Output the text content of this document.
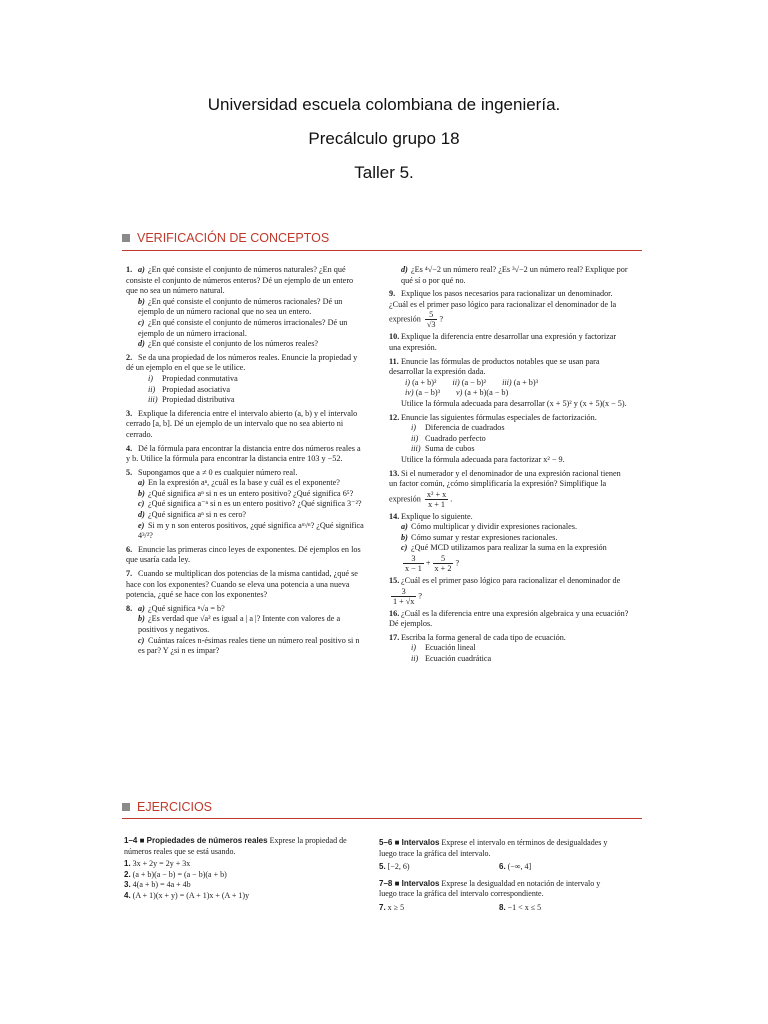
Universidad escuela colombiana de ingeniería.
Precálculo grupo 18
Taller 5.
VERIFICACIÓN DE CONCEPTOS
1. a) ¿En qué consiste el conjunto de números naturales? ¿En qué consiste el conjunto de números enteros? Dé un ejemplo de un entero que no sea un número natural.
b) ¿En qué consiste el conjunto de números racionales? Dé un ejemplo de un número racional que no sea un entero.
c) ¿En qué consiste el conjunto de números irracionales? Dé un ejemplo de un número irracional.
d) ¿En qué consiste el conjunto de los números reales?
2. Se da una propiedad de los números reales. Enuncie la propiedad y dé un ejemplo en el que se le utilice.
i) Propiedad conmutativa
ii) Propiedad asociativa
iii) Propiedad distributiva
3. Explique la diferencia entre el intervalo abierto (a, b) y el intervalo cerrado [a, b]. Dé un ejemplo de un intervalo que no sea abierto ni cerrado.
4. Dé la fórmula para encontrar la distancia entre dos números reales a y b. Utilice la fórmula para encontrar la distancia entre 103 y −52.
5. Supongamos que a ≠ 0 es cualquier número real.
a) En la expresión aⁿ, ¿cuál es la base y cuál es el exponente?
b) ¿Qué significa aⁿ si n es un entero positivo? ¿Qué significa 6⁵?
c) ¿Qué significa a⁻ⁿ si n es un entero positivo? ¿Qué significa 3⁻²?
d) ¿Qué significa aⁿ si n es cero?
e) Si m y n son enteros positivos, ¿qué significa aᵐ/ⁿ? ¿Qué significa 4³/²?
6. Enuncie las primeras cinco leyes de exponentes. Dé ejemplos en los que usaría cada ley.
7. Cuando se multiplican dos potencias de la misma cantidad, ¿qué se hace con los exponentes? Cuando se eleva una potencia a una nueva potencia, ¿qué se hace con los exponentes?
8. a) ¿Qué significa ⁿ√a = b?
b) ¿Es verdad que √a² es igual a | a |? Intente con valores de a positivos y negativos.
c) Cuántas raíces n-ésimas reales tiene un número real positivo si n es par? Y ¿si n es impar?
d) ¿Es ⁴√−2 un número real? ¿Es ³√−2 un número real? Explique por qué sí o por qué no.
9. Explique los pasos necesarios para racionalizar un denominador. ¿Cuál es el primer paso lógico para racionalizar el denominador de la expresión $\frac{5}{√3}$ ?
10. Explique la diferencia entre desarrollar una expresión y factorizar una expresión.
11. Enuncie las fórmulas de productos notables que se usan para desarrollar la expresión dada.
i) (a + b)² ii) (a − b)² iii) (a + b)³
iv) (a − b)³ v) (a + b)(a − b)
Utilice la fórmula adecuada para desarrollar (x + 5)² y (x + 5)(x − 5).
12. Enuncie las siguientes fórmulas especiales de factorización.
i) Diferencia de cuadrados
ii) Cuadrado perfecto
iii) Suma de cubos
Utilice la fórmula adecuada para factorizar x² − 9.
13. Si el numerador y el denominador de una expresión racional tienen un factor común, ¿cómo simplificaría la expresión? Simplifique la expresión $\frac{\text{x² + x}}{x + 1}$ .
14. Explique lo siguiente.
a) Cómo multiplicar y dividir expresiones racionales.
b) Cómo sumar y restar expresiones racionales.
c) ¿Qué MCD utilizamos para realizar la suma en la expresión
$\frac{3}{x - 1} + \frac{5}{x + 2}$ ?
15. ¿Cuál es el primer paso lógico para racionalizar el denominador de
$\frac{3}{1 + √x}$ ?
16. ¿Cuál es la diferencia entre una expresión algebraica y una ecuación? Dé ejemplos.
17. Escriba la forma general de cada tipo de ecuación.
i) Ecuación lineal
ii) Ecuación cuadrática
EJERCICIOS
1–4 ■ Propiedades de números reales Exprese la propiedad de números reales que se está usando.
1. 3x + 2y = 2y + 3x
2. (a + b)(a − b) = (a − b)(a + b)
3. 4(a + b) = 4a + 4b
4. (A + 1)(x + y) = (A + 1)x + (A + 1)y
5–6 ■ Intervalos Exprese el intervalo en términos de desigualdades y luego trace la gráfica del intervalo.
5. [−2, 6)	6. (−∞, 4]
7–8 ■ Intervalos Exprese la desigualdad en notación de intervalo y luego trace la gráfica del intervalo correspondiente.
7. x ≥ 5	8. −1 < x ≤ 5
